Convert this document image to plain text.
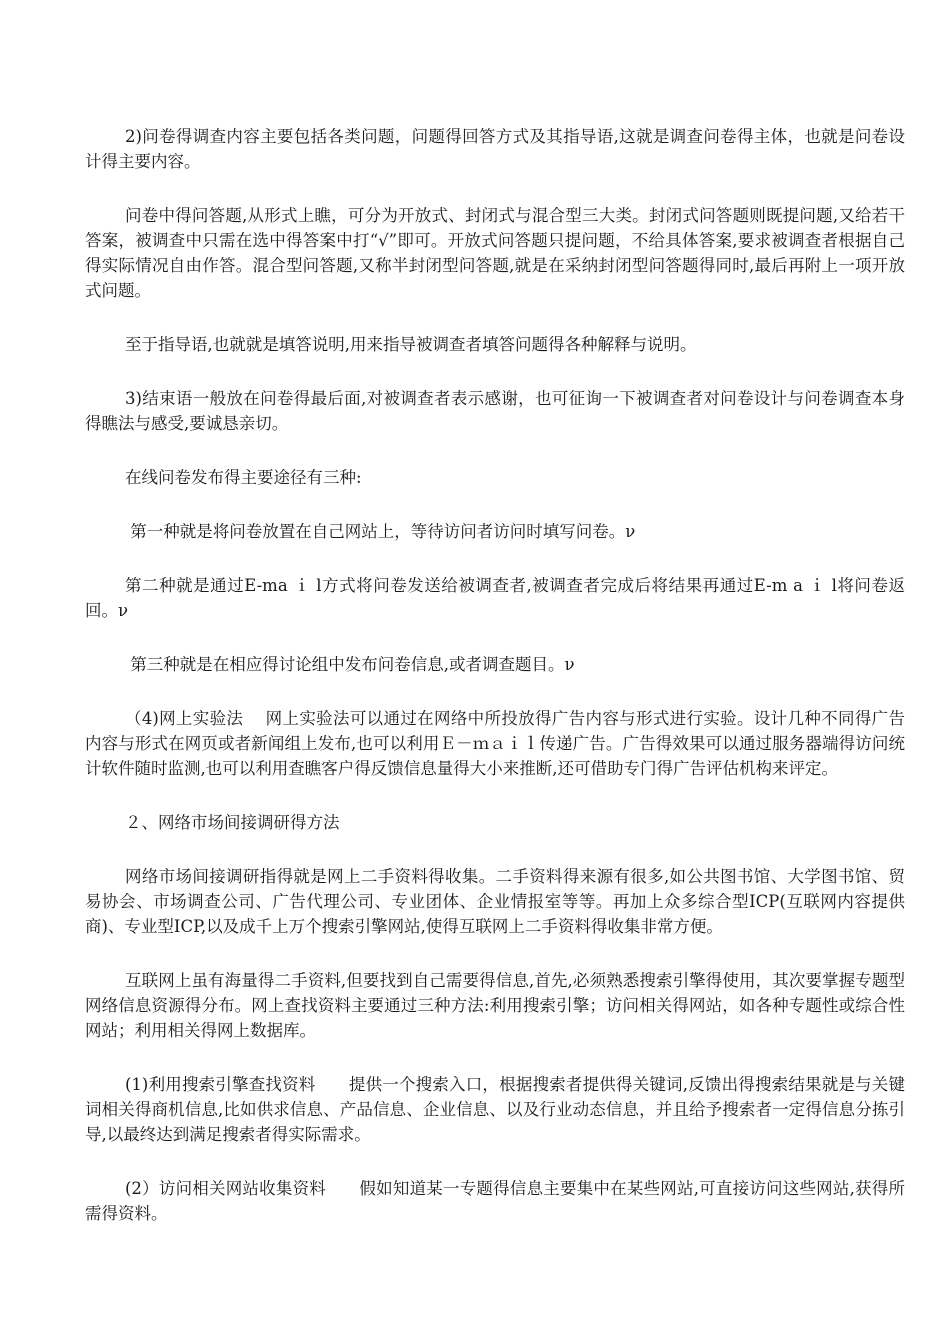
2)问卷得调查内容主要包括各类问题，问题得回答方式及其指导语,这就是调查问卷得主体，也就是问卷设计得主要内容。

问卷中得问答题,从形式上瞧，可分为开放式、封闭式与混合型三大类。封闭式问答题则既提问题,又给若干答案，被调查中只需在选中得答案中打“√”即可。开放式问答题只提问题，不给具体答案,要求被调查者根据自己得实际情况自由作答。混合型问答题,又称半封闭型问答题,就是在采纳封闭型问答题得同时,最后再附上一项开放式问题。

至于指导语,也就就是填答说明,用来指导被调查者填答问题得各种解释与说明。

3)结束语一般放在问卷得最后面,对被调查者表示感谢，也可征询一下被调查者对问卷设计与问卷调查本身得瞧法与感受,要诚恳亲切。

在线问卷发布得主要途径有三种:

第一种就是将问卷放置在自己网站上，等待访问者访问时填写问卷。ν

第二种就是通过E-ma ｉ l方式将问卷发送给被调查者,被调查者完成后将结果再通过E-m a ｉ l将问卷返回。ν

第三种就是在相应得讨论组中发布问卷信息,或者调查题目。ν

（4)网上实验法　 网上实验法可以通过在网络中所投放得广告内容与形式进行实验。设计几种不同得广告内容与形式在网页或者新闻组上发布,也可以利用Ｅ－ｍａｉｌ传递广告。广告得效果可以通过服务器端得访问统计软件随时监测,也可以利用查瞧客户得反馈信息量得大小来推断,还可借助专门得广告评估机构来评定。

２、网络市场间接调研得方法

网络市场间接调研指得就是网上二手资料得收集。二手资料得来源有很多,如公共图书馆、大学图书馆、贸易协会、市场调查公司、广告代理公司、专业团体、企业情报室等等。再加上众多综合型ICP(互联网内容提供商)、专业型ICP,以及成千上万个搜索引擎网站,使得互联网上二手资料得收集非常方便。

互联网上虽有海量得二手资料,但要找到自己需要得信息,首先,必须熟悉搜索引擎得使用，其次要掌握专题型网络信息资源得分布。网上查找资料主要通过三种方法:利用搜索引擎；访问相关得网站，如各种专题性或综合性网站；利用相关得网上数据库。

(1)利用搜索引擎查找资料　　提供一个搜索入口，根据搜索者提供得关键词,反馈出得搜索结果就是与关键词相关得商机信息,比如供求信息、产品信息、企业信息、以及行业动态信息，并且给予搜索者一定得信息分拣引导,以最终达到满足搜索者得实际需求。

(2）访问相关网站收集资料　　假如知道某一专题得信息主要集中在某些网站,可直接访问这些网站,获得所需得资料。
